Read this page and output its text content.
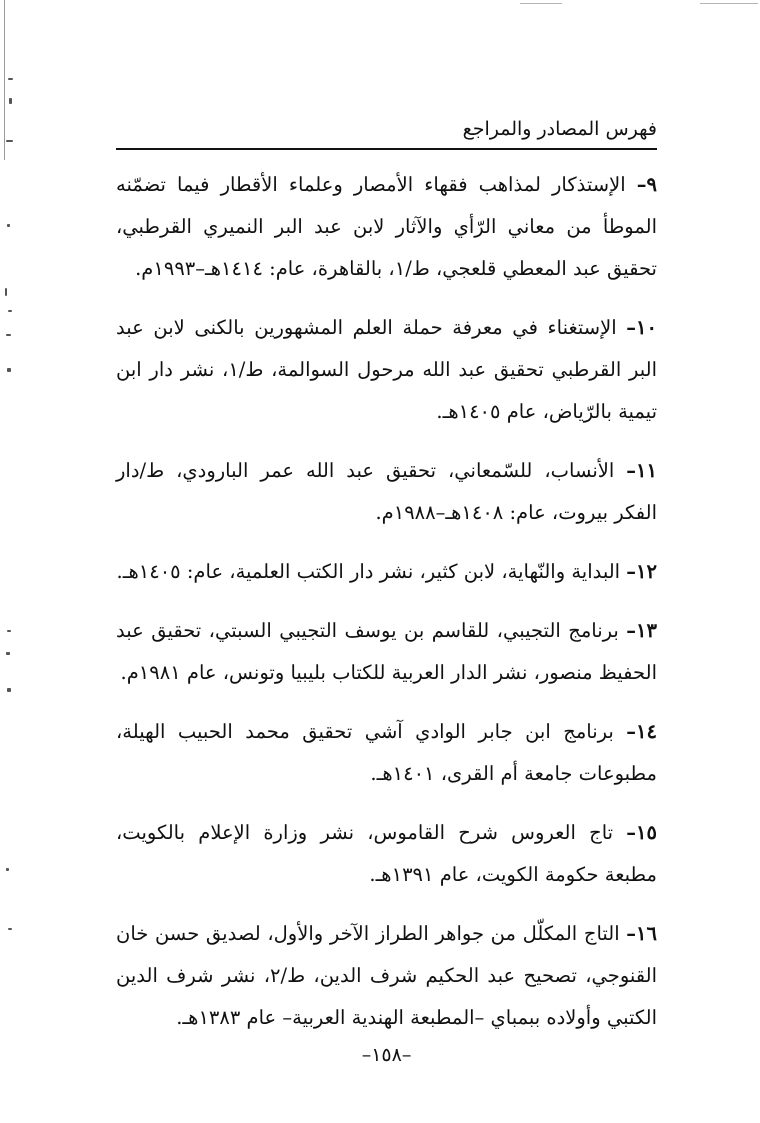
فهرس المصادر والمراجع

٩– الإستذكار لمذاهب فقهاء الأمصار وعلماء الأقطار فيما تضمّنه الموطأ من معاني الرّأي والآثار لابن عبد البر النميري القرطبي، تحقيق عبد المعطي قلعجي، ط/١، بالقاهرة، عام: ١٤١٤هـ–١٩٩٣م.

١٠– الإستغناء في معرفة حملة العلم المشهورين بالكنى لابن عبد البر القرطبي تحقيق عبد الله مرحول السوالمة، ط/١، نشر دار ابن تيمية بالرّياض، عام ١٤٠٥هـ.

١١– الأنساب، للسّمعاني، تحقيق عبد الله عمر البارودي، ط/دار الفكر بيروت، عام: ١٤٠٨هـ–١٩٨٨م.

١٢– البداية والنّهاية، لابن كثير، نشر دار الكتب العلمية، عام: ١٤٠٥هـ.

١٣– برنامج التجيبي، للقاسم بن يوسف التجيبي السبتي، تحقيق عبد الحفيظ منصور، نشر الدار العربية للكتاب بليبيا وتونس، عام ١٩٨١م.

١٤– برنامج ابن جابر الوادي آشي تحقيق محمد الحبيب الهيلة، مطبوعات جامعة أم القرى، ١٤٠١هـ.

١٥– تاج العروس شرح القاموس، نشر وزارة الإعلام بالكويت، مطبعة حكومة الكويت، عام ١٣٩١هـ.

١٦– التاج المكلّل من جواهر الطراز الآخر والأول، لصديق حسن خان القنوجي، تصحيح عبد الحكيم شرف الدين، ط/٢، نشر شرف الدين الكتبي وأولاده ببمباي –المطبعة الهندية العربية– عام ١٣٨٣هـ.

–١٥٨–
